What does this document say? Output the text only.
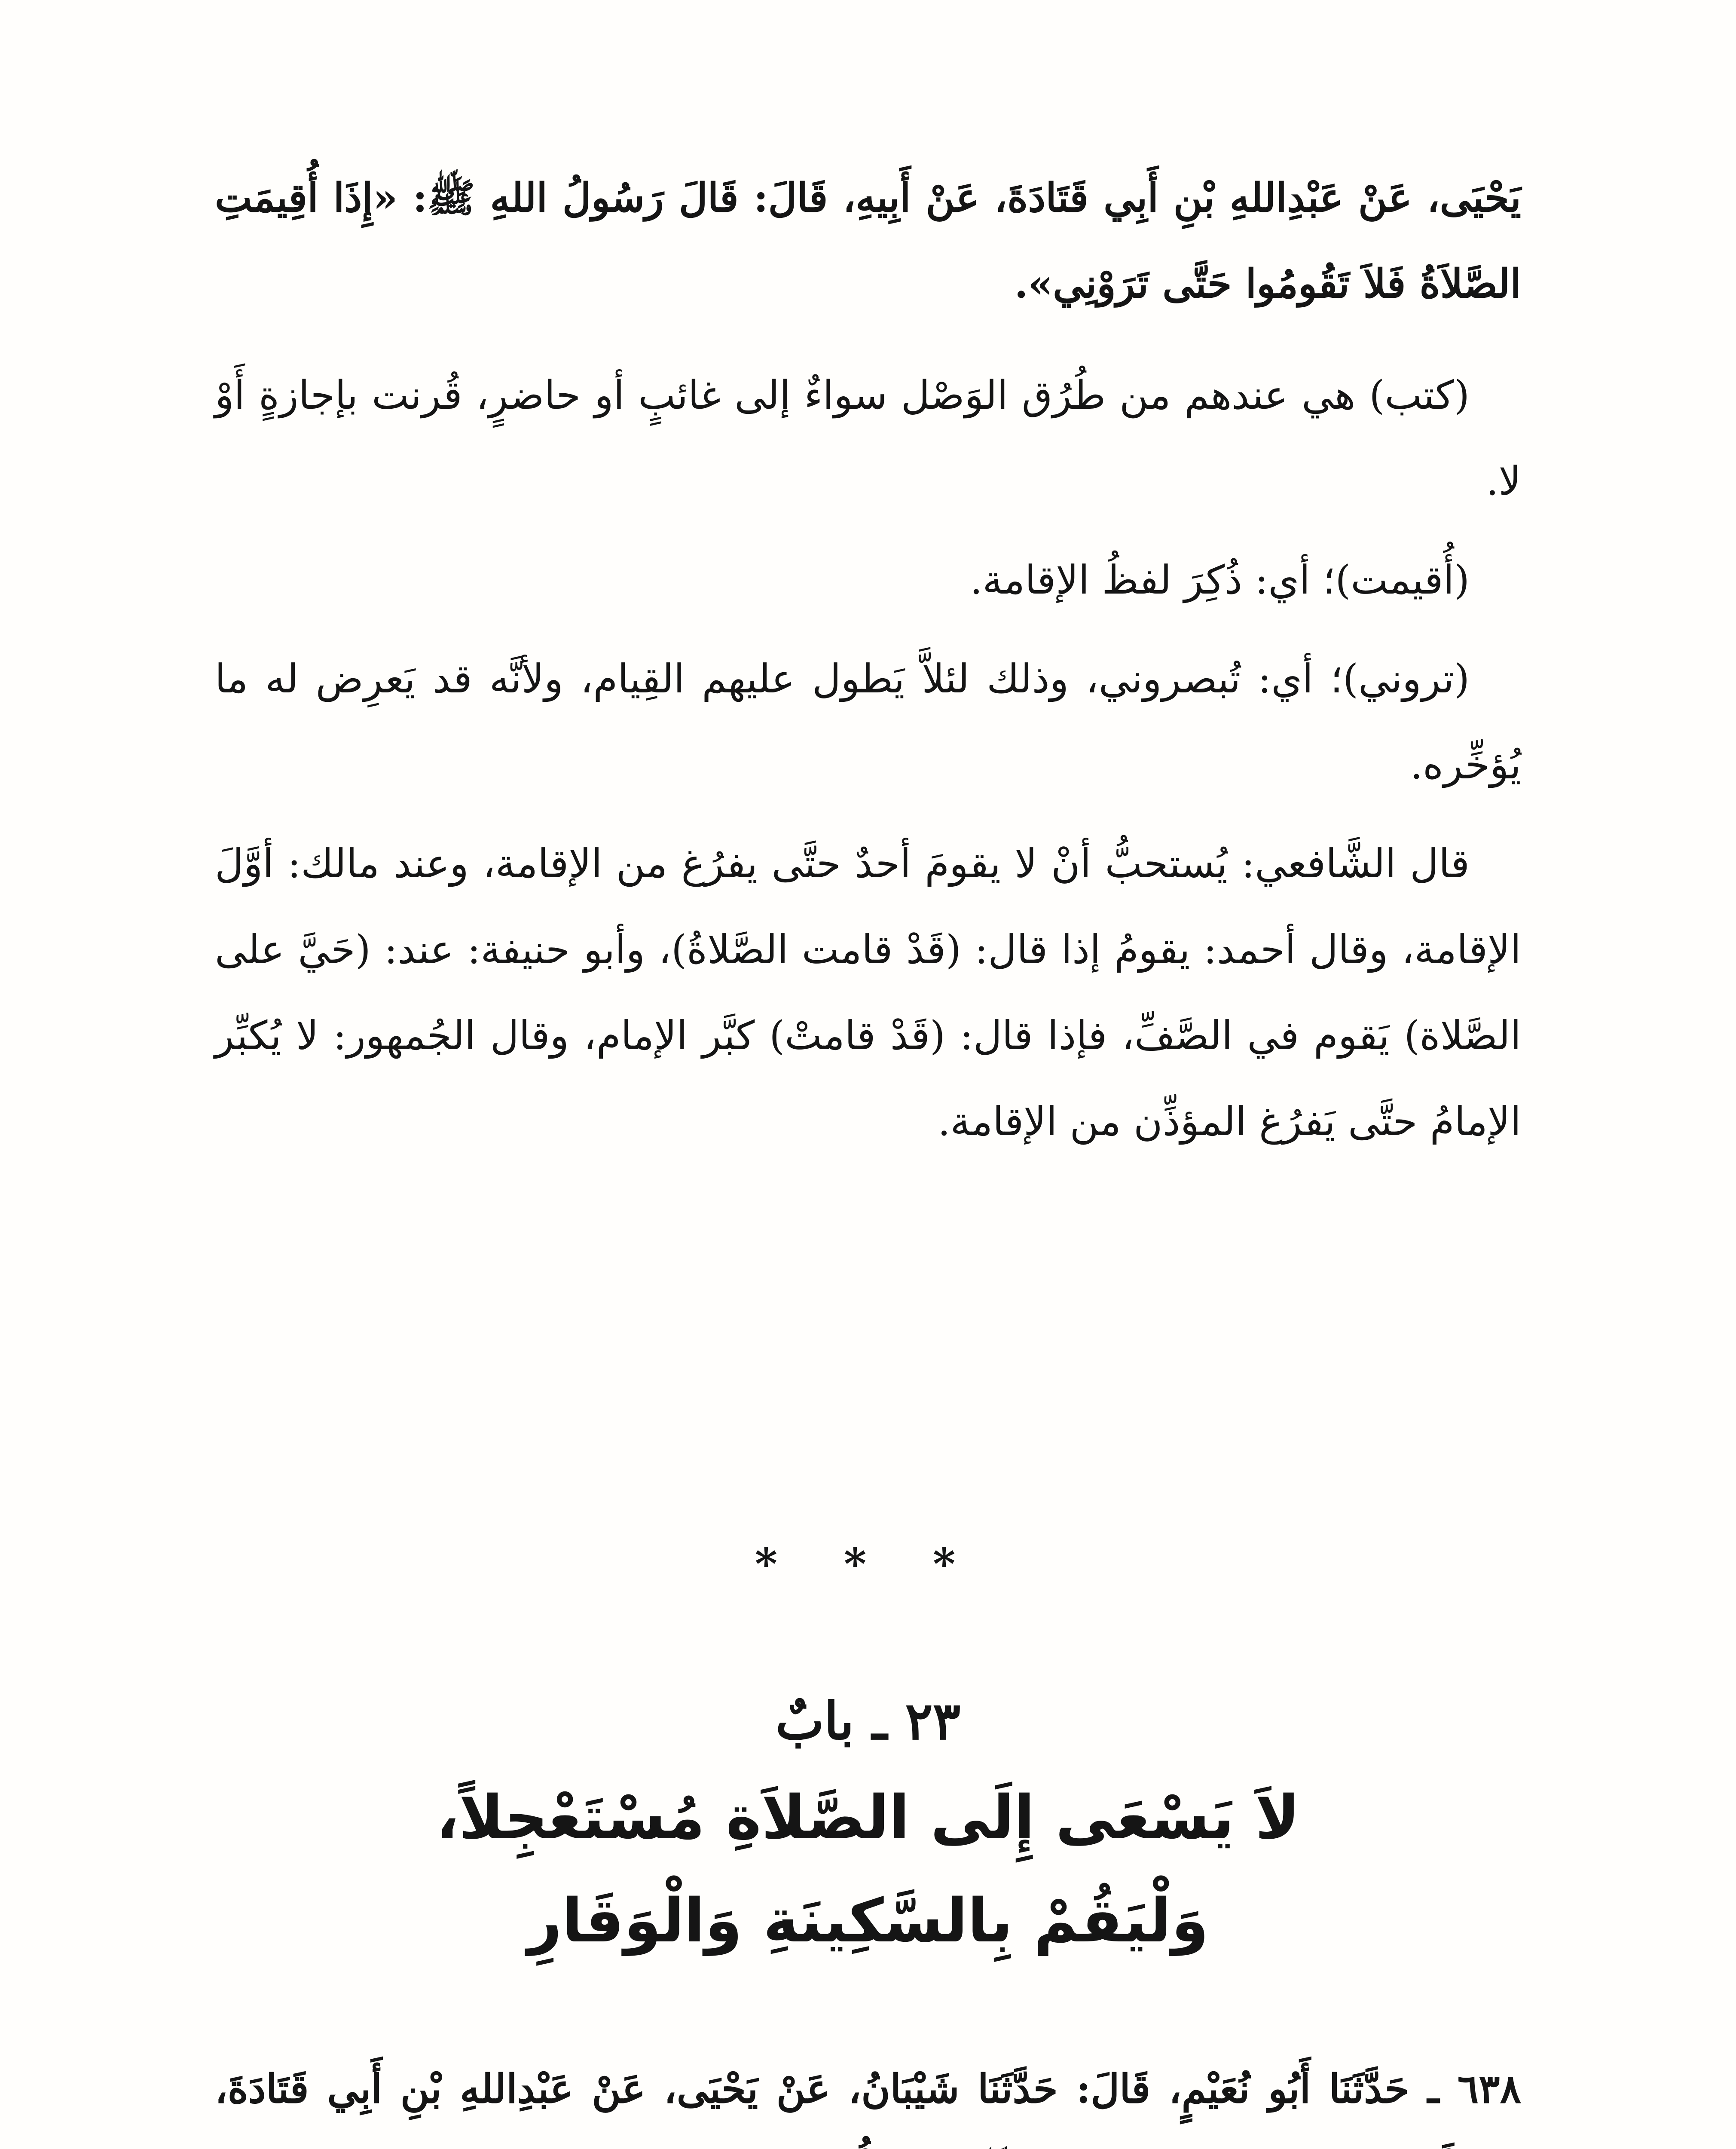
يَحْيَى، عَنْ عَبْدِاللهِ بْنِ أَبِي قَتَادَةَ، عَنْ أَبِيهِ، قَالَ: قَالَ رَسُولُ اللهِ ﷺ: «إِذَا أُقِيمَتِ الصَّلاَةُ فَلاَ تَقُومُوا حَتَّى تَرَوْنِي».

(كتب) هي عندهم من طُرُق الوَصْل سواءٌ إلى غائبٍ أو حاضرٍ، قُرنت بإجازةٍ أَوْ لا.

(أُقيمت)؛ أي: ذُكِرَ لفظُ الإقامة.

(تروني)؛ أي: تُبصروني، وذلك لئلاَّ يَطول عليهم القِيام، ولأنَّه قد يَعرِض له ما يُؤخِّره.

قال الشَّافعي: يُستحبُّ أنْ لا يقومَ أحدٌ حتَّى يفرُغ من الإقامة، وعند مالك: أوَّلَ الإقامة، وقال أحمد: يقومُ إذا قال: (قَدْ قامت الصَّلاةُ)، وأبو حنيفة: عند: (حَيَّ على الصَّلاة) يَقوم في الصَّفِّ، فإذا قال: (قَدْ قامتْ) كبَّر الإمام، وقال الجُمهور: لا يُكبِّر الإمامُ حتَّى يَفرُغ المؤذِّن من الإقامة.

* * *

٢٣ ـ بابٌ

لاَ يَسْعَى إِلَى الصَّلاَةِ مُسْتَعْجِلاً،

وَلْيَقُمْ بِالسَّكِينَةِ وَالْوَقَارِ

٦٣٨ ـ حَدَّثَنَا أَبُو نُعَيْمٍ، قَالَ: حَدَّثَنَا شَيْبَانُ، عَنْ يَحْيَى، عَنْ عَبْدِاللهِ بْنِ أَبِي قَتَادَةَ،
